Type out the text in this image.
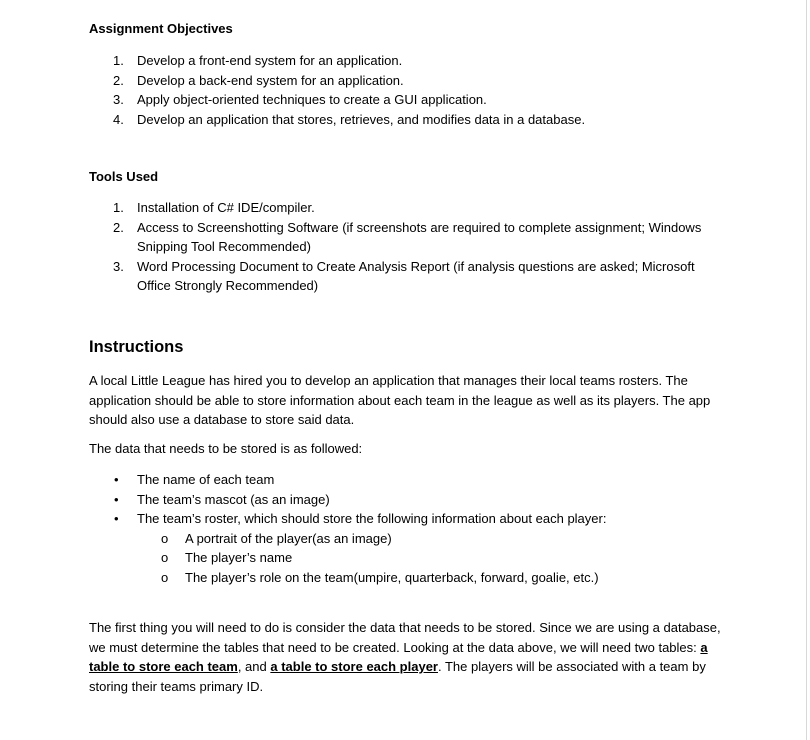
Assignment Objectives
1. Develop a front-end system for an application.
2. Develop a back-end system for an application.
3. Apply object-oriented techniques to create a GUI application.
4. Develop an application that stores, retrieves, and modifies data in a database.
Tools Used
1. Installation of C# IDE/compiler.
2. Access to Screenshotting Software (if screenshots are required to complete assignment; Windows Snipping Tool Recommended)
3. Word Processing Document to Create Analysis Report (if analysis questions are asked; Microsoft Office Strongly Recommended)
Instructions

A local Little League has hired you to develop an application that manages their local teams rosters. The application should be able to store information about each team in the league as well as its players. The app should also use a database to store said data.

The data that needs to be stored is as followed:

• The name of each team
• The team’s mascot (as an image)
• The team’s roster, which should store the following information about each player:
o A portrait of the player(as an image)
o The player’s name
o The player’s role on the team(umpire, quarterback, forward, goalie, etc.)

The first thing you will need to do is consider the data that needs to be stored. Since we are using a database, we must determine the tables that need to be created. Looking at the data above, we will need two tables: a table to store each team, and a table to store each player. The players will be associated with a team by storing their teams primary ID.
